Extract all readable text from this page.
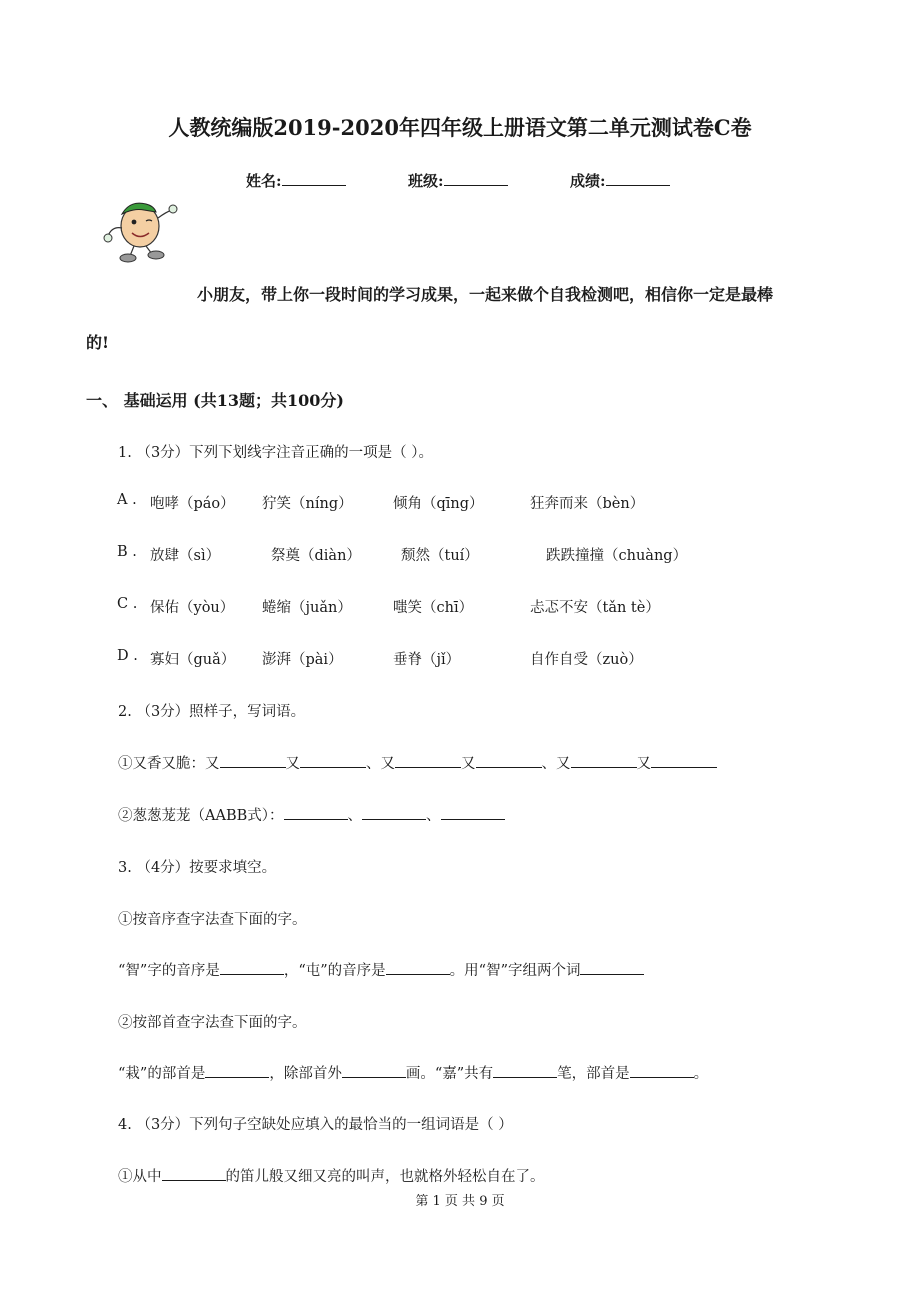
人教统编版2019-2020年四年级上册语文第二单元测试卷C卷
姓名:	班级:	成绩:
小朋友，带上你一段时间的学习成果，一起来做个自我检测吧，相信你一定是最棒
的!
一、 基础运用 (共13题；共100分)
1. （3分）下列下划线字注音正确的一项是（ ）。
A . 咆哮（páo） 狞笑（níng）	倾角（qīng）	狂奔而来（bèn）
B . 放肆（sì）	祭奠（diàn）	颓然（tuí）	跌跌撞撞（chuàng）
C . 保佑（yòu） 蜷缩（juǎn）	嗤笑（chī）	忐忑不安（tǎn tè）
D . 寡妇（guǎ） 澎湃（pài）	垂脊（jǐ）	自作自受（zuò）
2. （3分）照样子，写词语。
①又香又脆：又	又	、又	又	、又	又
②葱葱茏茏（AABB式）：	、	、
3. （4分）按要求填空。
①按音序查字法查下面的字。
“智”字的音序是	，“屯”的音序是	。用“智”字组两个词
②按部首查字法查下面的字。
“栽”的部首是	，除部首外	画。“嘉”共有	笔，部首是	。
4. （3分）下列句子空缺处应填入的最恰当的一组词语是（ ）
①从中	的笛儿般又细又亮的叫声，也就格外轻松自在了。
第 1 页 共 9 页
